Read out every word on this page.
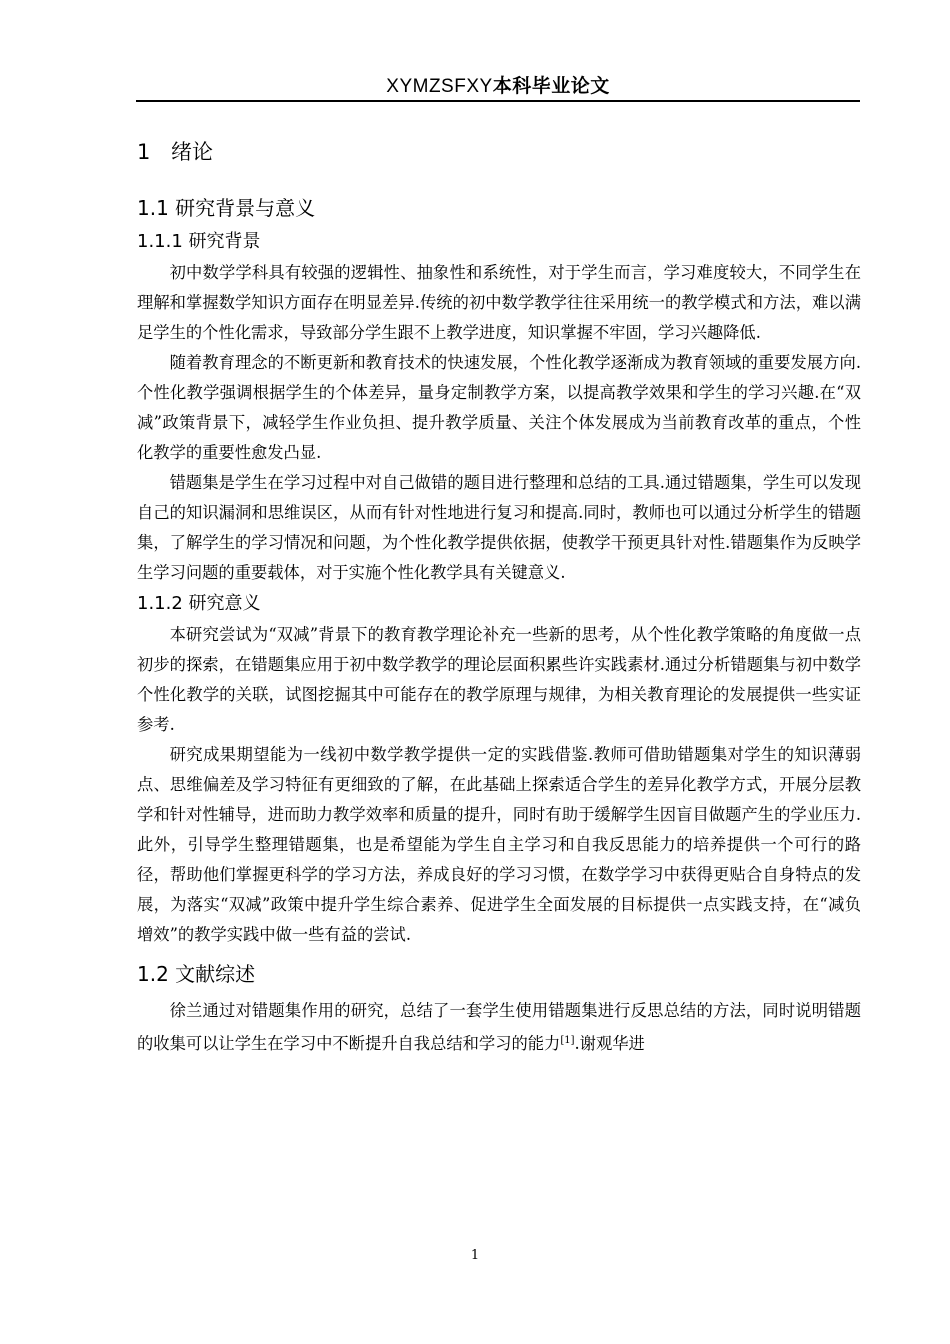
XYMZSFXY本科毕业论文
1 绪论
1.1 研究背景与意义
1.1.1 研究背景

初中数学学科具有较强的逻辑性、抽象性和系统性，对于学生而言，学习难度较大，不同学生在理解和掌握数学知识方面存在明显差异.传统的初中数学教学往往采用统一的教学模式和方法，难以满足学生的个性化需求，导致部分学生跟不上教学进度，知识掌握不牢固，学习兴趣降低.

随着教育理念的不断更新和教育技术的快速发展，个性化教学逐渐成为教育领域的重要发展方向.个性化教学强调根据学生的个体差异，量身定制教学方案，以提高教学效果和学生的学习兴趣.在“双减”政策背景下，减轻学生作业负担、提升教学质量、关注个体发展成为当前教育改革的重点，个性化教学的重要性愈发凸显.

错题集是学生在学习过程中对自己做错的题目进行整理和总结的工具.通过错题集，学生可以发现自己的知识漏洞和思维误区，从而有针对性地进行复习和提高.同时，教师也可以通过分析学生的错题集，了解学生的学习情况和问题，为个性化教学提供依据，使教学干预更具针对性.错题集作为反映学生学习问题的重要载体，对于实施个性化教学具有关键意义.

1.1.2 研究意义

本研究尝试为“双减”背景下的教育教学理论补充一些新的思考，从个性化教学策略的角度做一点初步的探索，在错题集应用于初中数学教学的理论层面积累些许实践素材.通过分析错题集与初中数学个性化教学的关联，试图挖掘其中可能存在的教学原理与规律，为相关教育理论的发展提供一些实证参考.

研究成果期望能为一线初中数学教学提供一定的实践借鉴.教师可借助错题集对学生的知识薄弱点、思维偏差及学习特征有更细致的了解，在此基础上探索适合学生的差异化教学方式，开展分层教学和针对性辅导，进而助力教学效率和质量的提升，同时有助于缓解学生因盲目做题产生的学业压力.此外，引导学生整理错题集，也是希望能为学生自主学习和自我反思能力的培养提供一个可行的路径，帮助他们掌握更科学的学习方法，养成良好的学习习惯，在数学学习中获得更贴合自身特点的发展，为落实“双减”政策中提升学生综合素养、促进学生全面发展的目标提供一点实践支持，在“减负增效”的教学实践中做一些有益的尝试.

1.2 文献综述

徐兰通过对错题集作用的研究，总结了一套学生使用错题集进行反思总结的方法，同时说明错题的收集可以让学生在学习中不断提升自我总结和学习的能力[1].谢观华进

1
